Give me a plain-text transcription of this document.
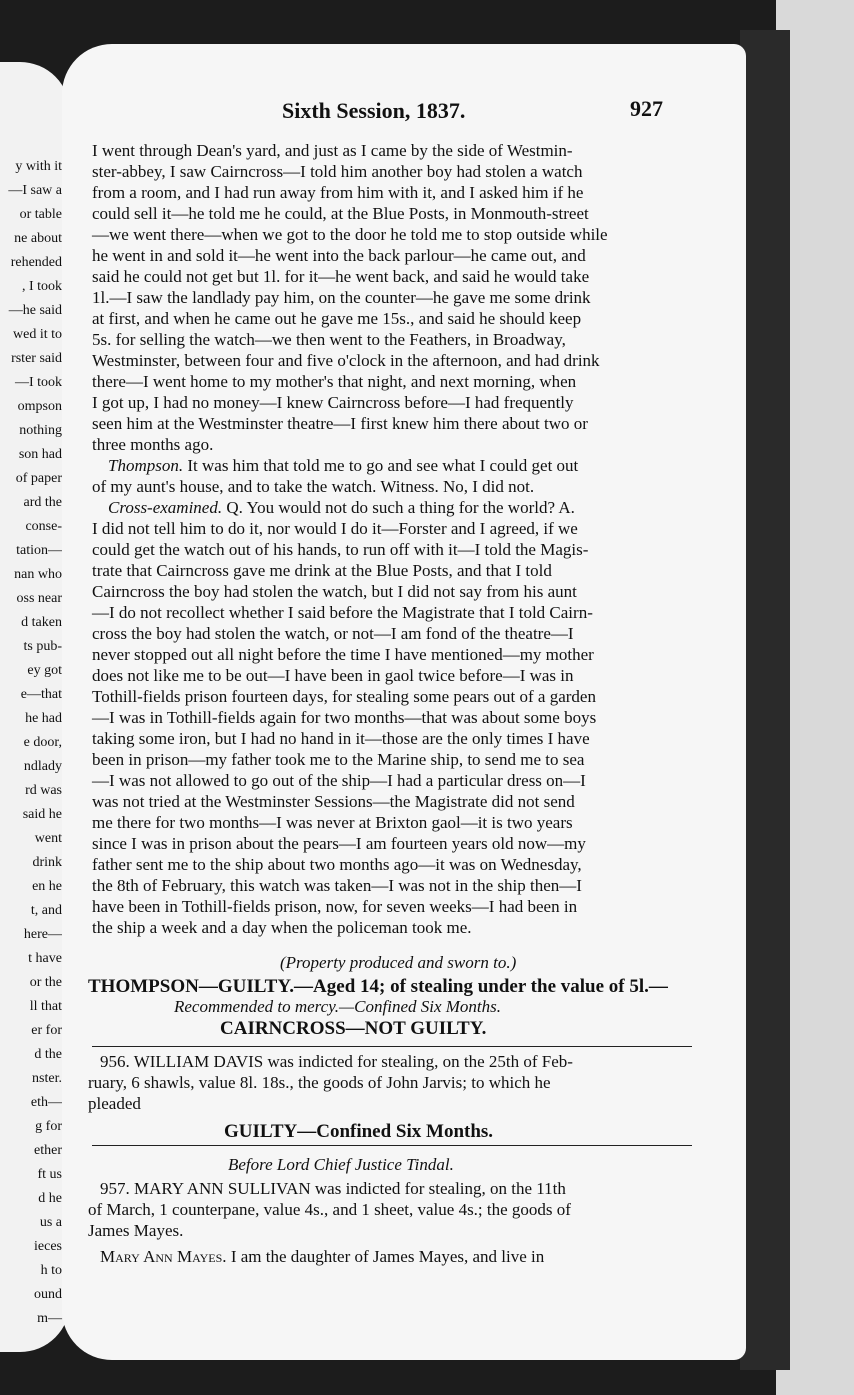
y with it
—I saw a
or table
ne about
rehended
, I took
—he said
wed it to
rster said
—I took
ompson
nothing
son had
of paper
ard the
conse-
tation—
nan who
oss near
d taken
ts pub-
ey got
e—that
he had
e door,
ndlady
rd was
said he
went
drink
en he
t, and
here—
t have
or the
ll that
er for
d the
nster.
eth—
g for
ether
ft us
d he
us a
ieces
h to
ound
m—
Sixth Session, 1837.	927
I went through Dean's yard, and just as I came by the side of Westmin-
ster-abbey, I saw Cairncross—I told him another boy had stolen a watch
from a room, and I had run away from him with it, and I asked him if he
could sell it—he told me he could, at the Blue Posts, in Monmouth-street
—we went there—when we got to the door he told me to stop outside while
he went in and sold it—he went into the back parlour—he came out, and
said he could not get but 1l. for it—he went back, and said he would take
1l.—I saw the landlady pay him, on the counter—he gave me some drink
at first, and when he came out he gave me 15s., and said he should keep
5s. for selling the watch—we then went to the Feathers, in Broadway,
Westminster, between four and five o'clock in the afternoon, and had drink
there—I went home to my mother's that night, and next morning, when
I got up, I had no money—I knew Cairncross before—I had frequently
seen him at the Westminster theatre—I first knew him there about two or
three months ago.
Thompson. It was him that told me to go and see what I could get out
of my aunt's house, and to take the watch. Witness. No, I did not.
Cross-examined. Q. You would not do such a thing for the world? A.
I did not tell him to do it, nor would I do it—Forster and I agreed, if we
could get the watch out of his hands, to run off with it—I told the Magis-
trate that Cairncross gave me drink at the Blue Posts, and that I told
Cairncross the boy had stolen the watch, but I did not say from his aunt
—I do not recollect whether I said before the Magistrate that I told Cairn-
cross the boy had stolen the watch, or not—I am fond of the theatre—I
never stopped out all night before the time I have mentioned—my mother
does not like me to be out—I have been in gaol twice before—I was in
Tothill-fields prison fourteen days, for stealing some pears out of a garden
—I was in Tothill-fields again for two months—that was about some boys
taking some iron, but I had no hand in it—those are the only times I have
been in prison—my father took me to the Marine ship, to send me to sea
—I was not allowed to go out of the ship—I had a particular dress on—I
was not tried at the Westminster Sessions—the Magistrate did not send
me there for two months—I was never at Brixton gaol—it is two years
since I was in prison about the pears—I am fourteen years old now—my
father sent me to the ship about two months ago—it was on Wednesday,
the 8th of February, this watch was taken—I was not in the ship then—I
have been in Tothill-fields prison, now, for seven weeks—I had been in
the ship a week and a day when the policeman took me.
(Property produced and sworn to.)
THOMPSON—GUILTY.—Aged 14; of stealing under the value of 5l.—
Recommended to mercy.—Confined Six Months.
CAIRNCROSS—NOT GUILTY.
956. WILLIAM DAVIS was indicted for stealing, on the 25th of Feb-
ruary, 6 shawls, value 8l. 18s., the goods of John Jarvis; to which he
pleaded
GUILTY—Confined Six Months.
Before Lord Chief Justice Tindal.
957. MARY ANN SULLIVAN was indicted for stealing, on the 11th
of March, 1 counterpane, value 4s., and 1 sheet, value 4s.; the goods of
James Mayes.
Mary Ann Mayes. I am the daughter of James Mayes, and live in
